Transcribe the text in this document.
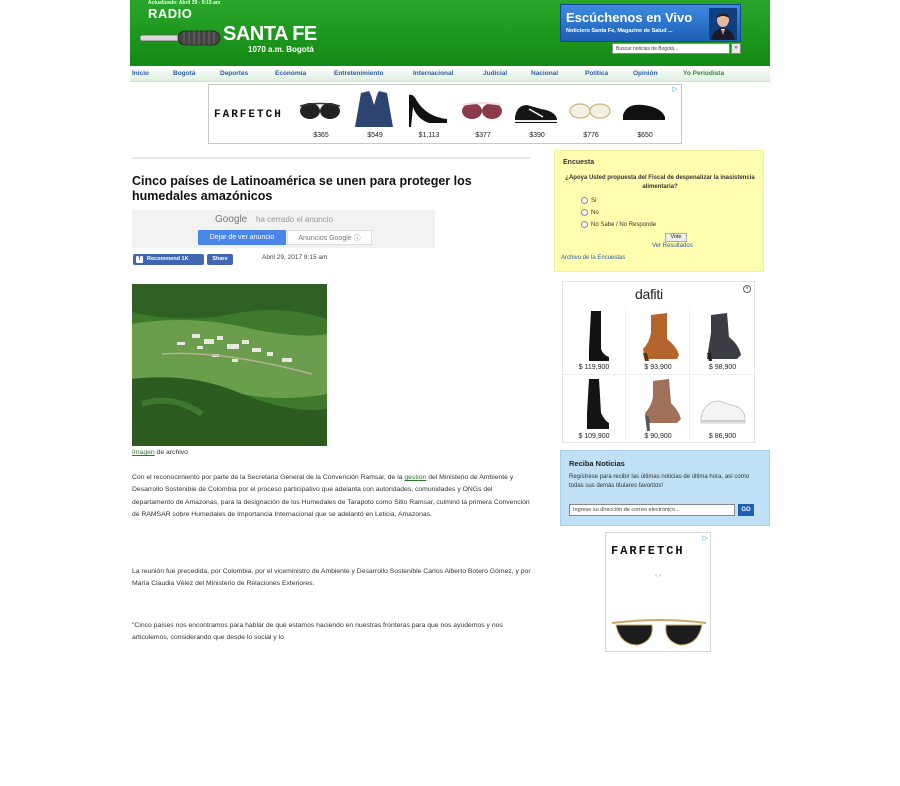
Actualizado: Abril 29 - 9:15 am
RADIO
SANTA FE
1070 a.m. Bogotá
Escúchenos en Vivo
Noticiero Santa Fe, Magazine de Salud ...
Buscar noticias de Bogotá...	»
Inicio	Bogotá	Deportes	Economía	Entretenimiento	Internacional	Judicial	Nacional	Política	Opinión	Yo Periodista
FARFETCH
▷
$365	$549	$1,113	$377	$390	$776	$650
Cinco países de Latinoamérica se unen para proteger los humedales amazónicos
Google ha cerrado el anuncio
Dejar de ver anuncio	Anuncios Google ⓘ
f	Recommend 1K	Share	Abril 29, 2017 9:15 am
Imagen de archivo

Con el reconocimiento por parte de la Secretaria General de la Convención Ramsar, de la gestión del Ministerio de Ambiente y Desarrollo Sostenible de Colombia por el proceso participativo que adelanta con autoridades, comunidades y ONGs del departamento de Amazonas, para la designación de los Humedales de Tarapoto como Sitio Ramsar, culminó la primera Convención de RAMSAR sobre Humedales de Importancia Internacional que se adelantó en Leticia, Amazonas.

La reunión fue precedida, por Colombia, por el viceministro de Ambiente y Desarrollo Sostenible Carlos Alberto Botero Gómez, y por María Claudia Vélez del Ministerio de Relaciones Exteriores.

"Cinco países nos encontramos para hablar de qué estamos haciendo en nuestras fronteras para que nos ayudemos y nos articulemos, considerando que desde lo social y lo

Encuesta
¿Apoya Usted propuesta del Fiscal de despenalizar la inasistencia alimentaria?
Si
No
No Sabe / No Responde
Vote
Ver Resultados
Archivo de la Encuestas
dafiti	×
$ 119,900	$ 93,900	$ 98,900
$ 109,900	$ 90,900	$ 86,900
Reciba Noticias
Regístrese para recibir las últimas noticias de última hora, así como todas sus demás titulares favoritos!
Ingrese su dirección de correo electrónico...	GO
▷
FARFETCH
‹ ›
